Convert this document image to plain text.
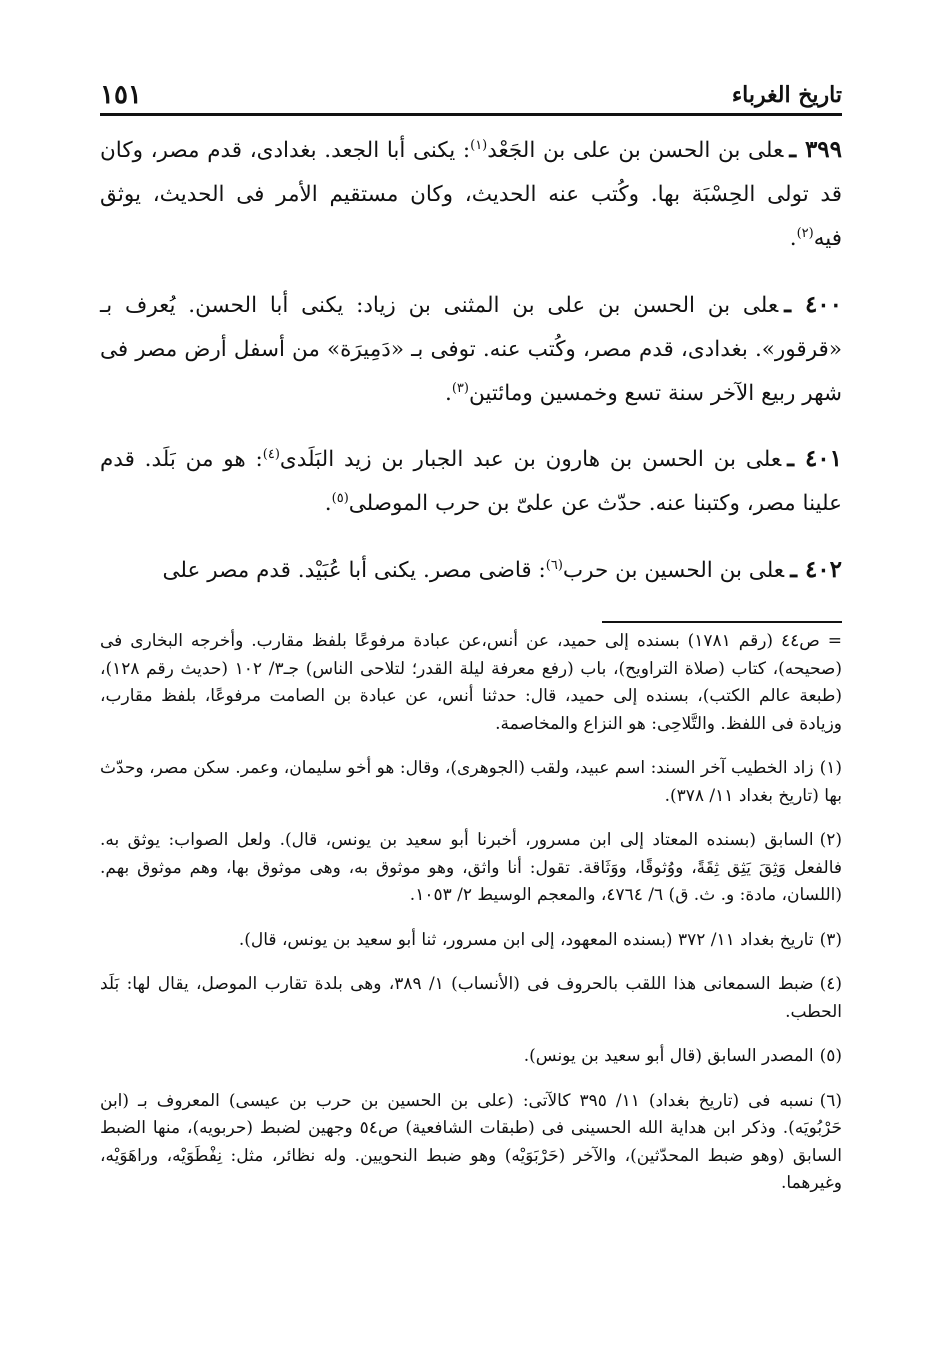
تاريخ الغرباء
١٥١

٣٩٩ ـعلى بن الحسن بن على بن الجَعْد$^{(١)}$: يكنى أبا الجعد. بغدادى، قدم مصر، وكان قد تولى الحِسْبَة بها. وكُتب عنه الحديث، وكان مستقيم الأمر فى الحديث، يوثق فيه$^{(٢)}$.

٤٠٠ ـعلى بن الحسن بن على بن المثنى بن زياد: يكنى أبا الحسن. يُعرف بـ «قرقور». بغدادى، قدم مصر، وكُتب عنه. توفى بـ «دَمِيرَة» من أسفل أرض مصر فى شهر ربيع الآخر سنة تسع وخمسين ومائتين$^{(٣)}$.

٤٠١ ـعلى بن الحسن بن هارون بن عبد الجبار بن زيد البَلَدى$^{(٤)}$: هو من بَلَد. قدم علينا مصر، وكتبنا عنه. حدّث عن علىّ بن حرب الموصلى$^{(٥)}$.

٤٠٢ ـعلى بن الحسين بن حرب$^{(٦)}$: قاضى مصر. يكنى أبا عُبَيْد. قدم مصر على

= ص٤٤ (رقم ١٧٨١) بسنده إلى حميد، عن أنس،عن عبادة مرفوعًا بلفظ مقارب. وأخرجه البخارى فى (صحيحه)، كتاب (صلاة التراويح)، باب (رفع معرفة ليلة القدر؛ لتلاحى الناس) جـ٣/ ١٠٢ (حديث رقم ١٢٨)، (طبعة عالم الكتب)، بسنده إلى حميد، قال: حدثنا أنس، عن عبادة بن الصامت مرفوعًا، بلفظ مقارب، وزيادة فى اللفظ. والتَّلاحِى: هو النزاع والمخاصمة.

(١)زاد الخطيب آخر السند: اسم عبيد، ولقب (الجوهرى)، وقال: هو أخو سليمان، وعمر. سكن مصر، وحدّث بها (تاريخ بغداد ١١/ ٣٧٨).

(٢)السابق (بسنده المعتاد إلى ابن مسرور، أخبرنا أبو سعيد بن يونس، قال). ولعل الصواب: يوثق به. فالفعل وَثِقَ يَثِق ثِقَةً، ووُثوقًا، ووَثَاقة. تقول: أنا واثق، وهو موثوق به، وهى موثوق بها، وهم موثوق بهم. (اللسان، مادة: و. ث. ق) ٦/ ٤٧٦٤، والمعجم الوسيط ٢/ ١٠٥٣.

(٣)تاريخ بغداد ١١/ ٣٧٢ (بسنده المعهود، إلى ابن مسرور، ثنا أبو سعيد بن يونس، قال).

(٤)ضبط السمعانى هذا اللقب بالحروف فى (الأنساب) ١/ ٣٨٩، وهى بلدة تقارب الموصل، يقال لها: بَلَد الحطب.

(٥)المصدر السابق (قال أبو سعيد بن يونس).

(٦)نسبه فى (تاريخ بغداد) ١١/ ٣٩٥ كالآتى: (على بن الحسين بن حرب بن عيسى) المعروف بـ (ابن حَرْبُويَه). وذكر ابن هداية الله الحسينى فى (طبقات الشافعية) ص٥٤ وجهين لضبط (حربويه)، منها الضبط السابق (وهو ضبط المحدّثين)، والآخر (حَرْبَوَيْه) وهو ضبط النحويين. وله نظائر، مثل: نِفْطَوَيْه، وراهَوَيْه، وغيرهما.
